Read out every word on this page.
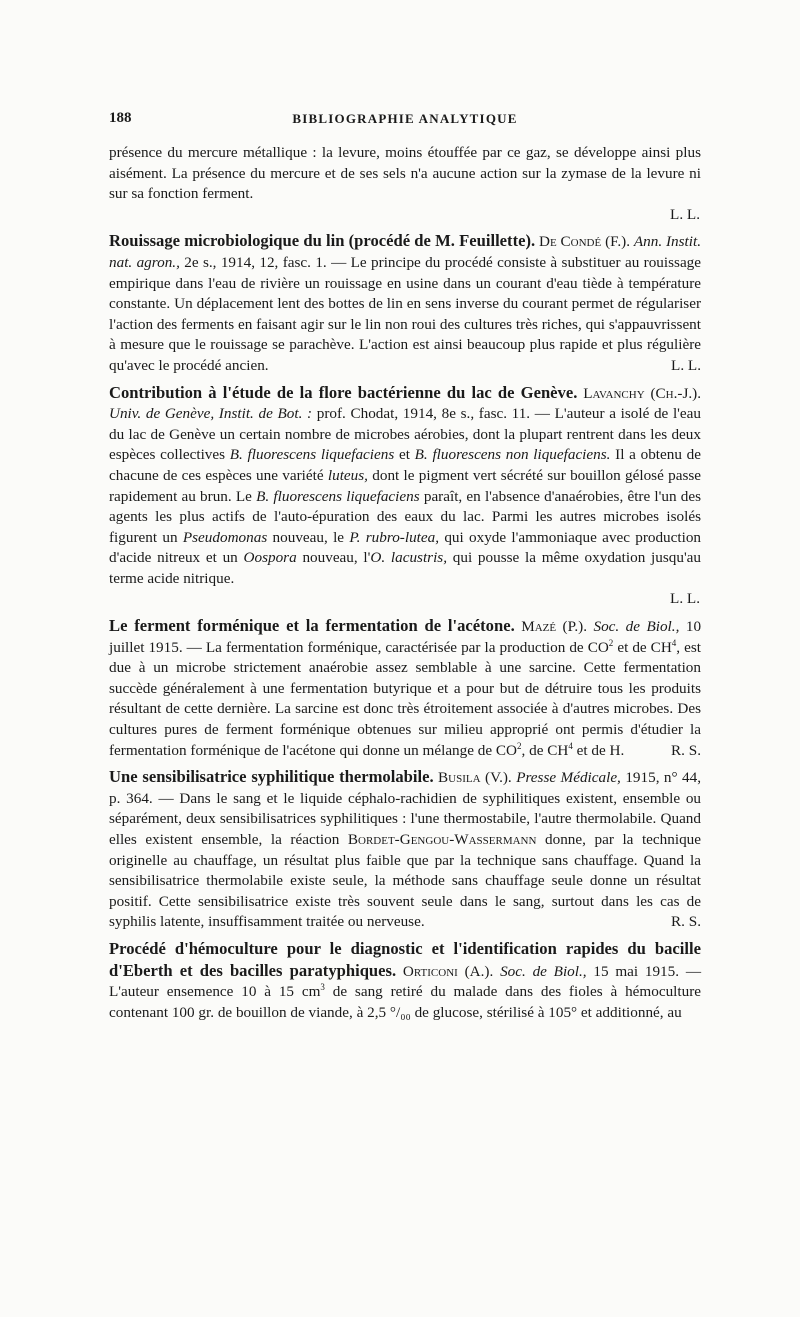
188	BIBLIOGRAPHIE ANALYTIQUE

présence du mercure métallique : la levure, moins étouffée par ce gaz, se développe ainsi plus aisément. La présence du mercure et de ses sels n'a aucune action sur la zymase de la levure ni sur sa fonction ferment.
L. L.

Rouissage microbiologique du lin (procédé de M. Feuillette). De Condé (F.). Ann. Instit. nat. agron., 2e s., 1914, 12, fasc. 1. — Le principe du procédé consiste à substituer au rouissage empirique dans l'eau de rivière un rouissage en usine dans un courant d'eau tiède à température constante. Un déplacement lent des bottes de lin en sens inverse du courant permet de régulariser l'action des ferments en faisant agir sur le lin non roui des cultures très riches, qui s'appauvrissent à mesure que le rouissage se parachève. L'action est ainsi beaucoup plus rapide et plus régulière qu'avec le procédé ancien.	L. L.

Contribution à l'étude de la flore bactérienne du lac de Genève. Lavanchy (Ch.-J.). Univ. de Genève, Instit. de Bot. : prof. Chodat, 1914, 8e s., fasc. 11. — L'auteur a isolé de l'eau du lac de Genève un certain nombre de microbes aérobies, dont la plupart rentrent dans les deux espèces collectives B. fluorescens liquefaciens et B. fluorescens non liquefaciens. Il a obtenu de chacune de ces espèces une variété luteus, dont le pigment vert sécrété sur bouillon gélosé passe rapidement au brun. Le B. fluorescens liquefaciens paraît, en l'absence d'anaérobies, être l'un des agents les plus actifs de l'auto-épuration des eaux du lac. Parmi les autres microbes isolés figurent un Pseudomonas nouveau, le P. rubro-lutea, qui oxyde l'ammoniaque avec production d'acide nitreux et un Oospora nouveau, l'O. lacustris, qui pousse la même oxydation jusqu'au terme acide nitrique.
L. L.

Le ferment forménique et la fermentation de l'acétone. Mazé (P.). Soc. de Biol., 10 juillet 1915. — La fermentation forménique, caractérisée par la production de $CO^2$ et de $CH^4$, est due à un microbe strictement anaérobie assez semblable à une sarcine. Cette fermentation succède généralement à une fermentation butyrique et a pour but de détruire tous les produits résultant de cette dernière. La sarcine est donc très étroitement associée à d'autres microbes. Des cultures pures de ferment forménique obtenues sur milieu approprié ont permis d'étudier la fermentation forménique de l'acétone qui donne un mélange de $CO^2$, de $CH^4$ et de H.	R. S.

Une sensibilisatrice syphilitique thermolabile. Busila (V.). Presse Médicale, 1915, n° 44, p. 364. — Dans le sang et le liquide céphalo-rachidien de syphilitiques existent, ensemble ou séparément, deux sensibilisatrices syphilitiques : l'une thermostabile, l'autre thermolabile. Quand elles existent ensemble, la réaction Bordet-Gengou-Wassermann donne, par la technique originelle au chauffage, un résultat plus faible que par la technique sans chauffage. Quand la sensibilisatrice thermolabile existe seule, la méthode sans chauffage seule donne un résultat positif. Cette sensibilisatrice existe très souvent seule dans le sang, surtout dans les cas de syphilis latente, insuffisamment traitée ou nerveuse.	R. S.

Procédé d'hémoculture pour le diagnostic et l'identification rapides du bacille d'Eberth et des bacilles paratyphiques. Orticoni (A.). Soc. de Biol., 15 mai 1915. — L'auteur ensemence 10 à 15 $cm^3$ de sang retiré du malade dans des fioles à hémoculture contenant 100 gr. de bouillon de viande, à 2,5 °/₀₀ de glucose, stérilisé à 105° et additionné, au
